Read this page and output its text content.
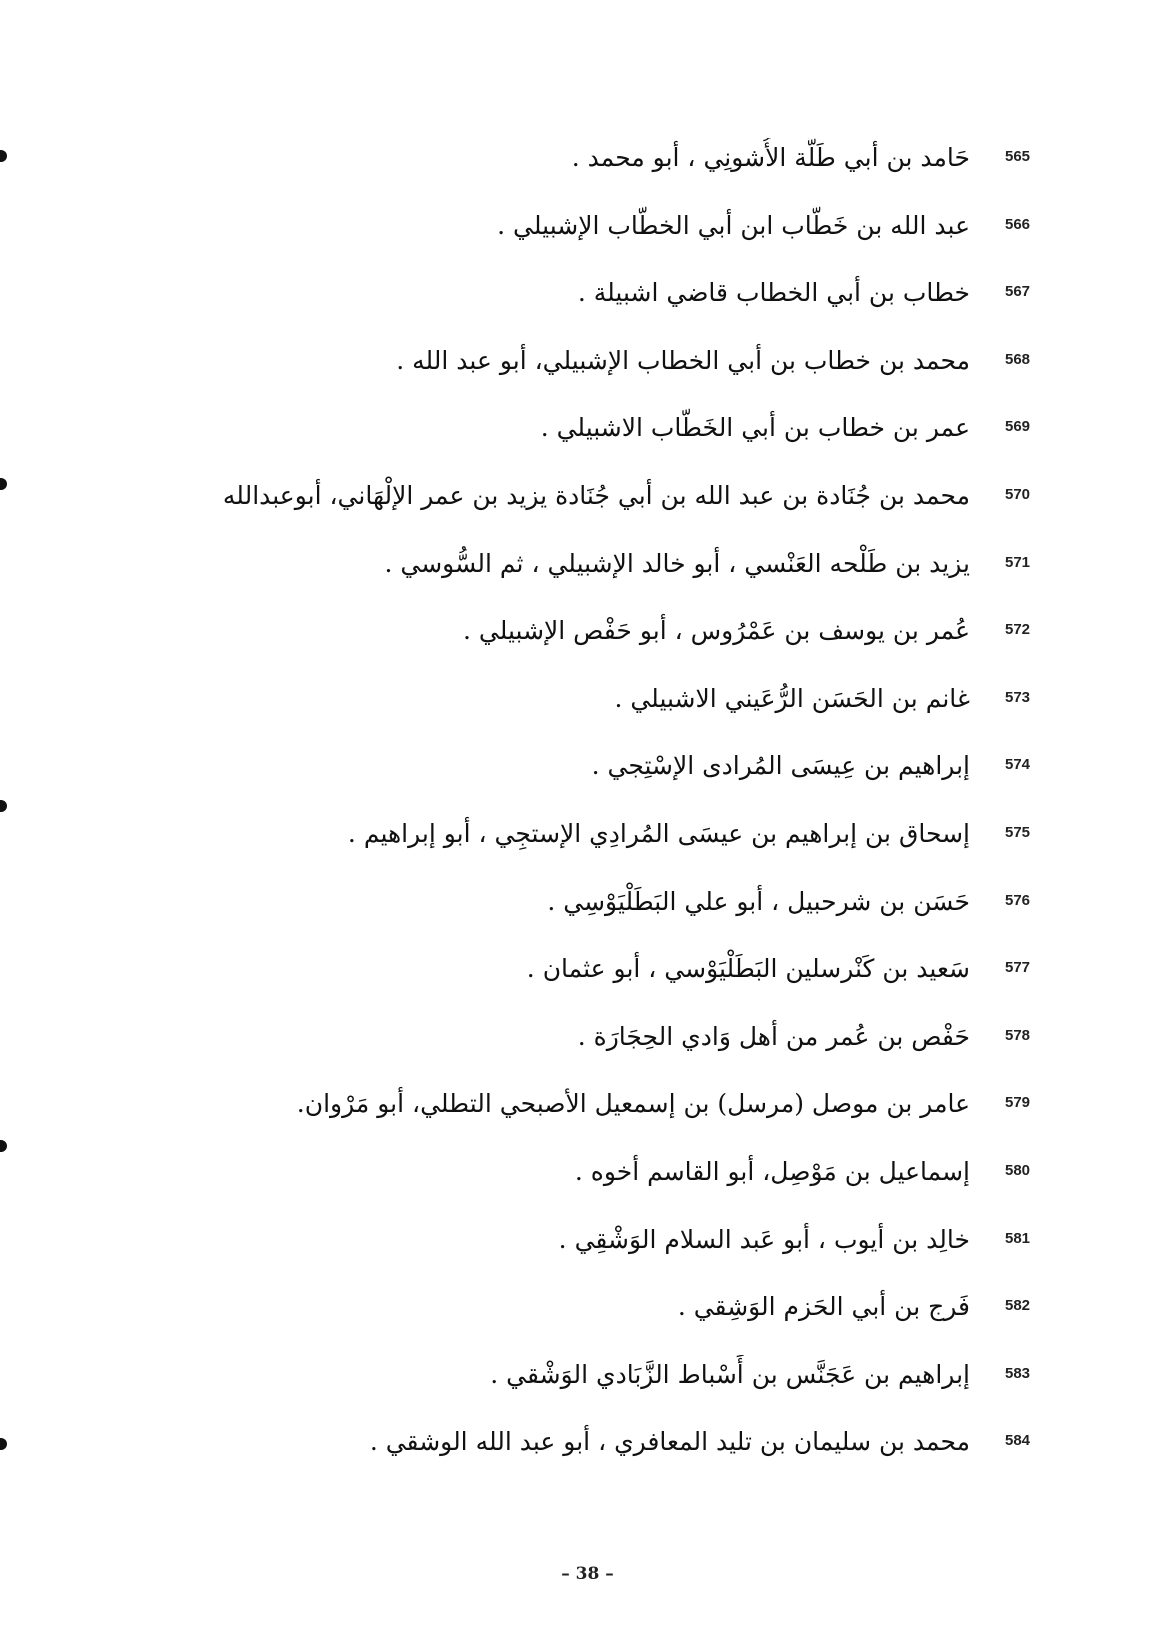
565
حَامد بن أبي طَلَّة الأُشونِي ، أبو محمد .
566
عبد الله بن خَطَّاب ابن أبي الخطّاب الإشبيلي .
567
خطاب بن أبي الخطاب قاضي اشبيلة .
568
محمد بن خطاب بن أبي الخطاب الإشبيلي، أبو عبد الله .
569
عمر بن خطاب بن أبي الخَطّاب الاشبيلي .
570
محمد بن جُنَادة بن عبد الله بن أبي جُنَادة يزيد بن عمر الإلْهَاني، أبوعبدالله
571
يزيد بن طَلْحه العَنْسي ، أبو خالد الإشبيلي ، ثم السُّوسي .
572
عُمر بن يوسف بن عَمْرُوس ، أبو حَفْص الإشبيلي .
573
غانم بن الحَسَن الرُّعَيني الاشبيلي .
574
إبراهيم بن عِيسَى المُرادى الإسْتِجي .
575
إسحاق بن إبراهيم بن عيسَى المُرادِي الإستجِي ، أبو إبراهيم .
576
حَسَن بن شرحبيل ، أبو علي البَطَلْيَوْسِي .
577
سَعيد بن كَنْرسلين البَطَلْيَوْسي ، أبو عثمان .
578
حَفْص بن عُمر من أهل وَادي الحِجَارَة .
579
عامر بن موصل (مرسل) بن إسمعيل الأصبحي التطلي، أبو مَرْوان.
580
إسماعيل بن مَوْصِل، أبو القاسم أخوه .
581
خالِد بن أيوب ، أبو عَبد السلام الوَشْقِي .
582
فَرج بن أبي الحَزم الوَشِقي .
583
إبراهيم بن عَجَنَّس بن أَسْباط الزَّبَادي الوَشْقي .
584
محمد بن سليمان بن تليد المعافري ، أبو عبد الله الوشقي .
– 38 –
